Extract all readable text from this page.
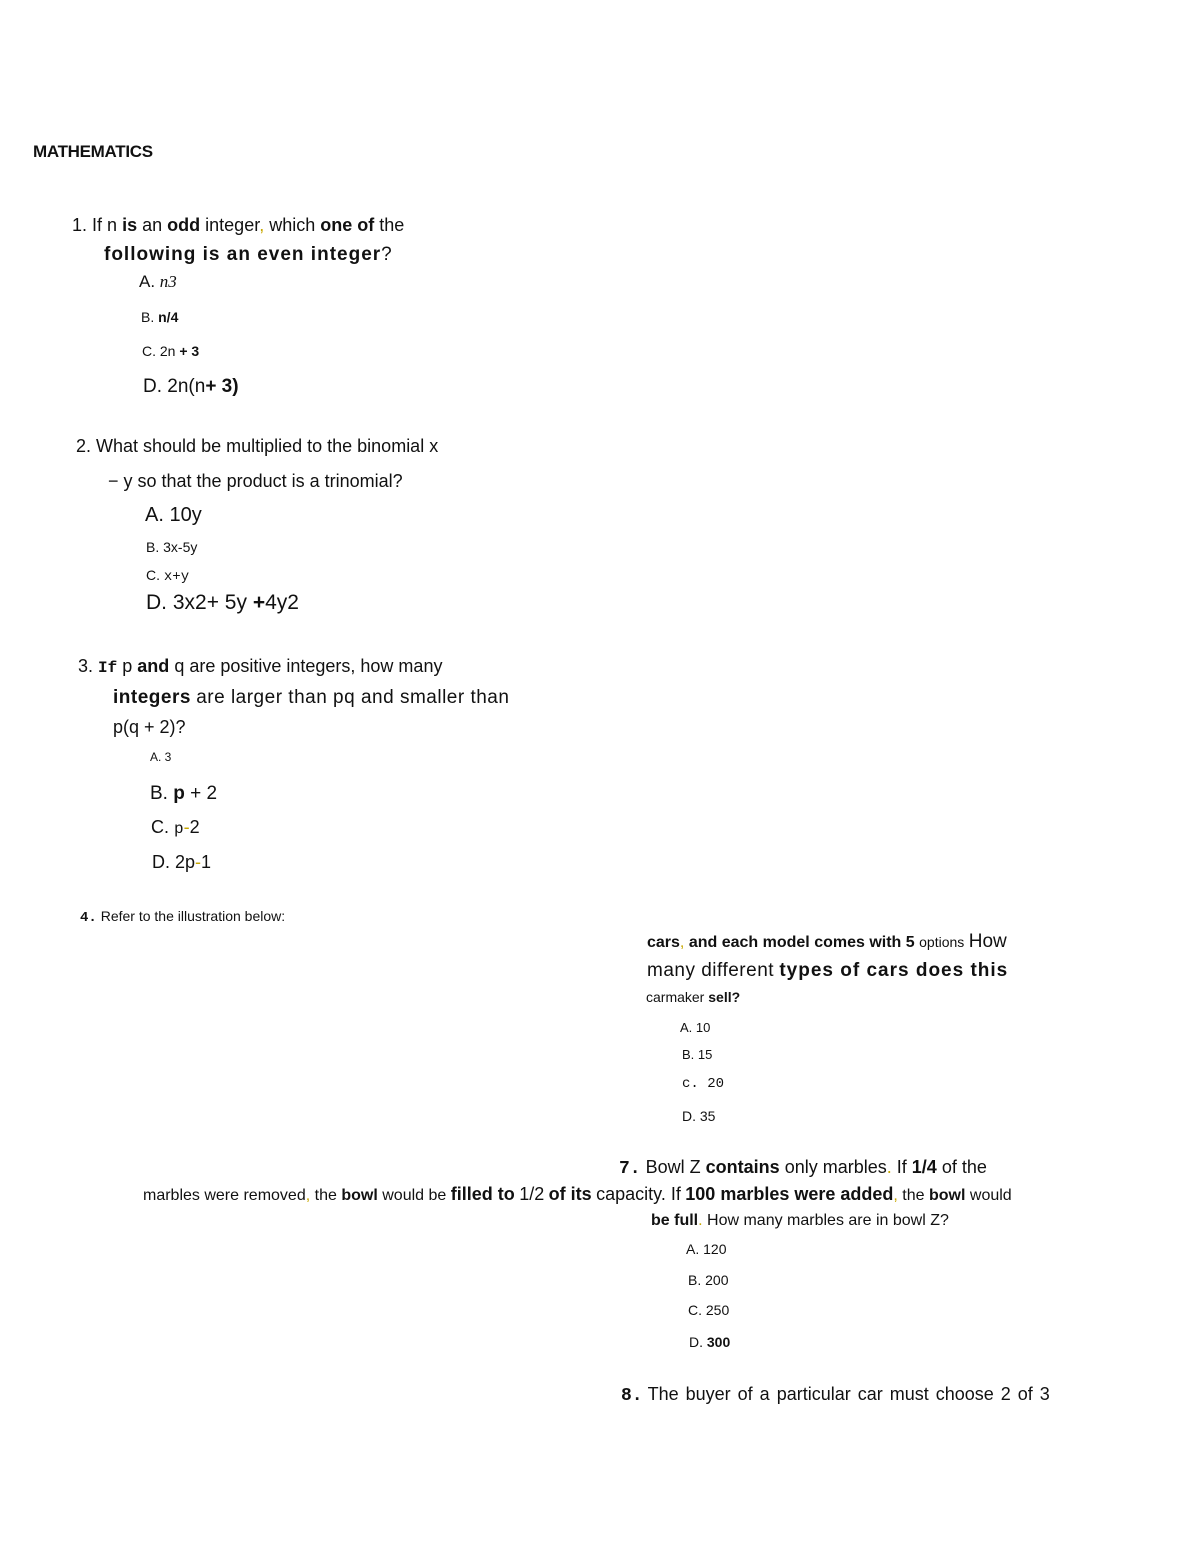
MATHEMATICS
1. If n is an odd integer, which one of the
following is an even integer?
A. n3
B. n/4
C. 2n + 3
D. 2n(n+ 3)
2. What should be multiplied to the binomial x
− y so that the product is a trinomial?
A. 10y
B. 3x-5y
C. x+y
D. 3x2+ 5y +4y2
3. If p and q are positive integers, how many
integers are larger than pq and smaller than
p(q + 2)?
A. 3
B. p + 2
C. p-2
D. 2p-1
4. Refer to the illustration below:
cars, and each model comes with 5 options How
many different types of cars does this
carmaker sell?
A. 10
B. 15
c. 20
D. 35
7. Bowl Z contains only marbles. If 1/4 of the
marbles were removed, the bowl would be filled to 1/2 of its capacity. If 100 marbles were added, the bowl would
be full. How many marbles are in bowl Z?
A. 120
B. 200
C. 250
D. 300
8. The buyer of a particular car must choose 2 of 3
